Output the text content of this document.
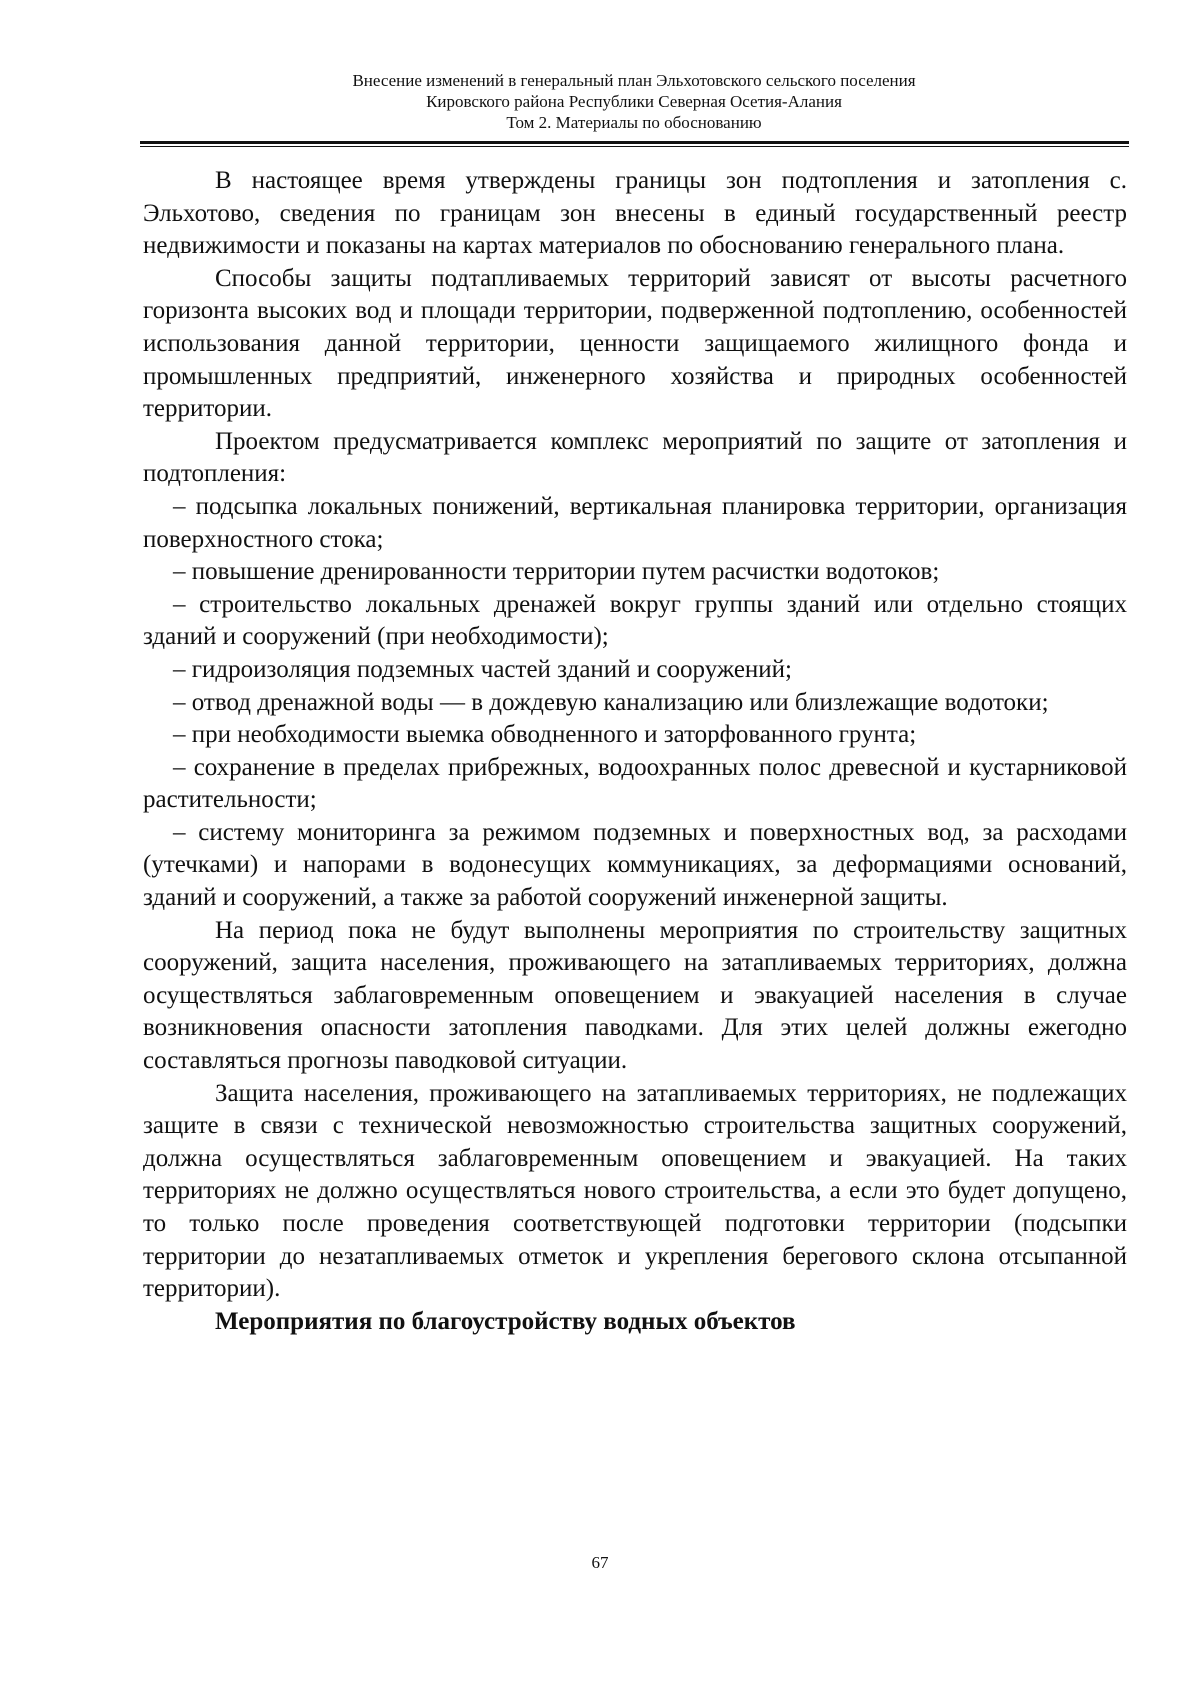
Внесение изменений в генеральный план Эльхотовского сельского поселения
Кировского района Республики Северная Осетия-Алания
Том 2. Материалы по обоснованию

В настоящее время утверждены границы зон подтопления и затопления с. Эльхотово, сведения по границам зон внесены в единый государственный реестр недвижимости и показаны на картах материалов по обоснованию генерального плана.

Способы защиты подтапливаемых территорий зависят от высоты расчетного горизонта высоких вод и площади территории, подверженной подтоплению, особенностей использования данной территории, ценности защищаемого жилищного фонда и промышленных предприятий, инженерного хозяйства и природных особенностей территории.

Проектом предусматривается комплекс мероприятий по защите от затопления и подтопления:

– подсыпка локальных понижений, вертикальная планировка территории, организация поверхностного стока;

– повышение дренированности территории путем расчистки водотоков;

– строительство локальных дренажей вокруг группы зданий или отдельно стоящих зданий и сооружений (при необходимости);

– гидроизоляция подземных частей зданий и сооружений;

– отвод дренажной воды — в дождевую канализацию или близлежащие водотоки;

– при необходимости выемка обводненного и заторфованного грунта;

– сохранение в пределах прибрежных, водоохранных полос древесной и кустарниковой растительности;

– систему мониторинга за режимом подземных и поверхностных вод, за расходами (утечками) и напорами в водонесущих коммуникациях, за деформациями оснований, зданий и сооружений, а также за работой сооружений инженерной защиты.

На период пока не будут выполнены мероприятия по строительству защитных сооружений, защита населения, проживающего на затапливаемых территориях, должна осуществляться заблаговременным оповещением и эвакуацией населения в случае возникновения опасности затопления паводками. Для этих целей должны ежегодно составляться прогнозы паводковой ситуации.

Защита населения, проживающего на затапливаемых территориях, не подлежащих защите в связи с технической невозможностью строительства защитных сооружений, должна осуществляться заблаговременным оповещением и эвакуацией. На таких территориях не должно осуществляться нового строительства, а если это будет допущено, то только после проведения соответствующей подготовки территории (подсыпки территории до незатапливаемых отметок и укрепления берегового склона отсыпанной территории).

Мероприятия по благоустройству водных объектов

67
